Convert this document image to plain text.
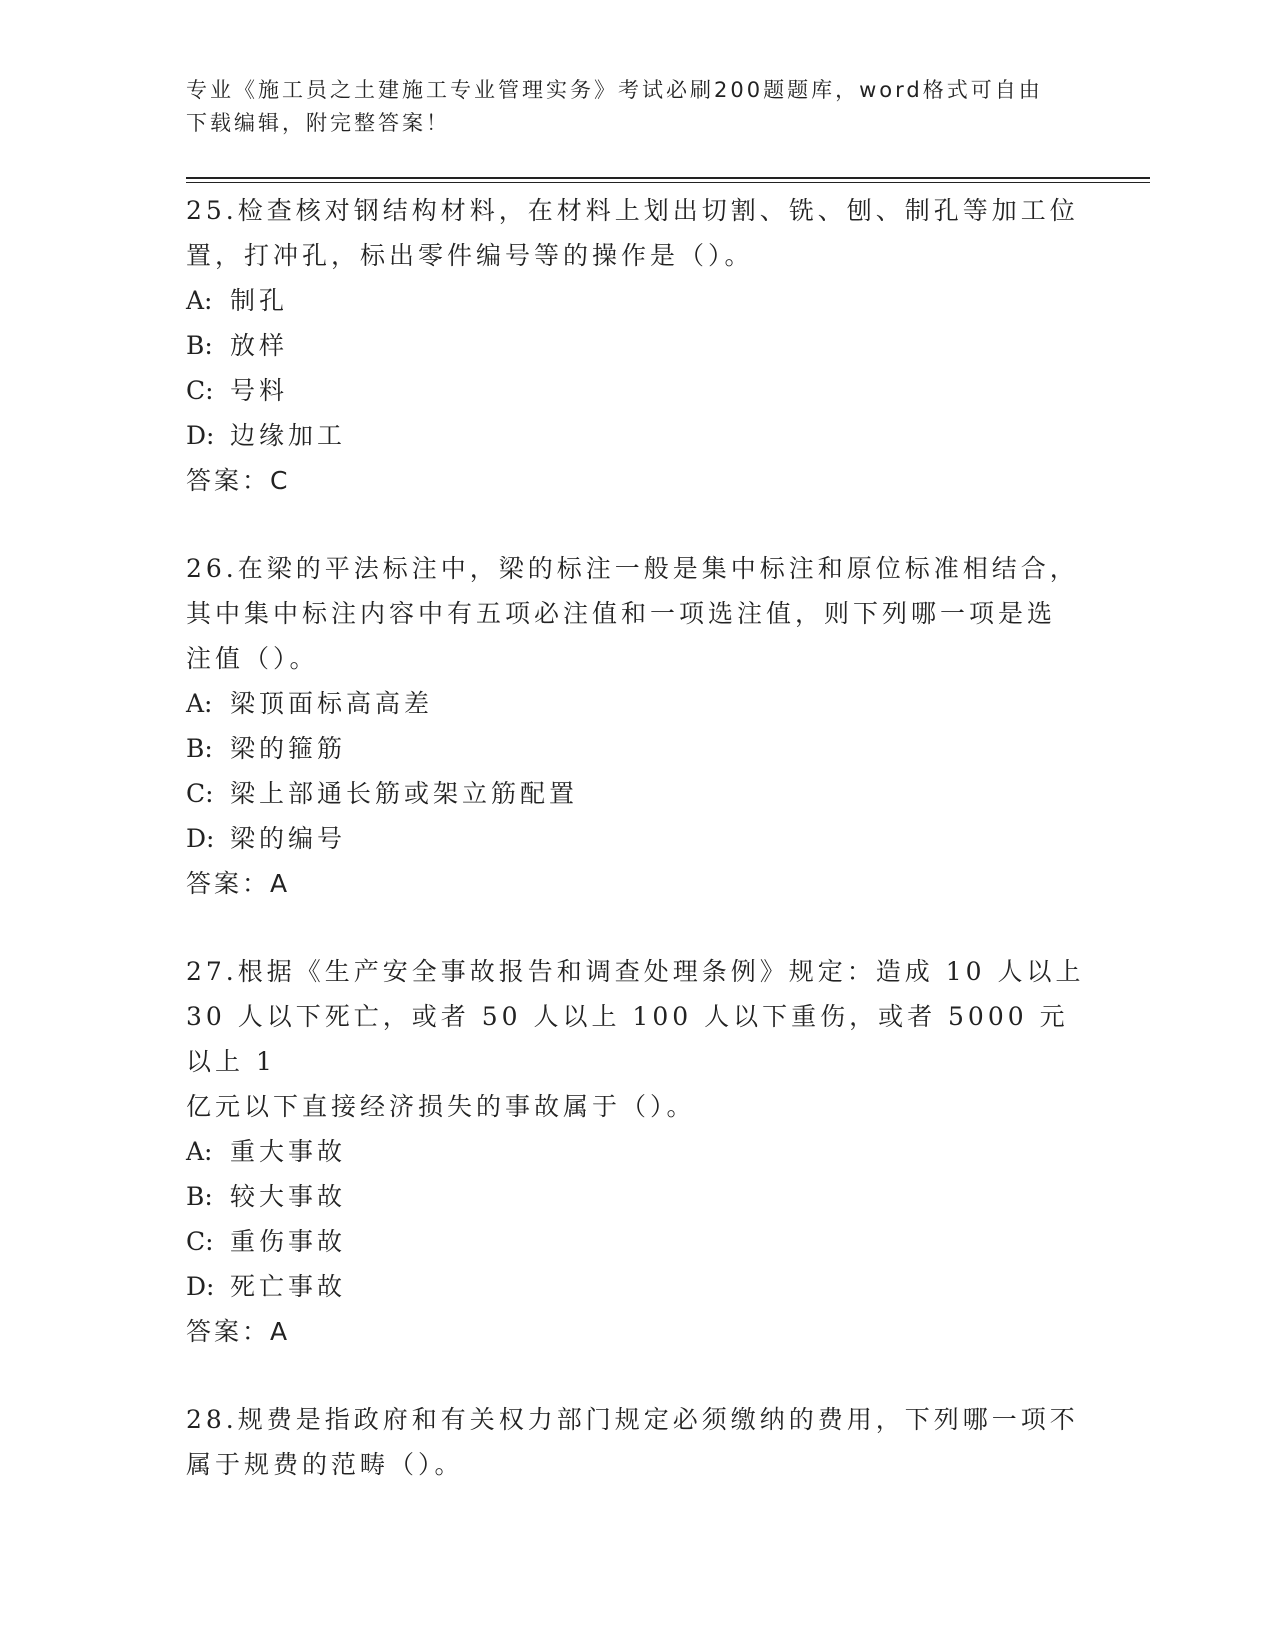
专业《施工员之土建施工专业管理实务》考试必刷200题题库，word格式可自由
下载编辑，附完整答案！

25.检查核对钢结构材料，在材料上划出切割、铣、刨、制孔等加工位

置，打冲孔，标出零件编号等的操作是（）。

A: 制孔

B: 放样

C: 号料

D: 边缘加工

答案：C

26.在梁的平法标注中，梁的标注一般是集中标注和原位标准相结合，

其中集中标注内容中有五项必注值和一项选注值，则下列哪一项是选

注值（）。

A: 梁顶面标高高差

B: 梁的箍筋

C: 梁上部通长筋或架立筋配置

D: 梁的编号

答案：A

27.根据《生产安全事故报告和调查处理条例》规定：造成 10 人以上

30 人以下死亡，或者 50 人以上 100 人以下重伤，或者 5000 元以上 1

亿元以下直接经济损失的事故属于（）。

A: 重大事故

B: 较大事故

C: 重伤事故

D: 死亡事故

答案：A

28.规费是指政府和有关权力部门规定必须缴纳的费用，下列哪一项不

属于规费的范畴（）。
